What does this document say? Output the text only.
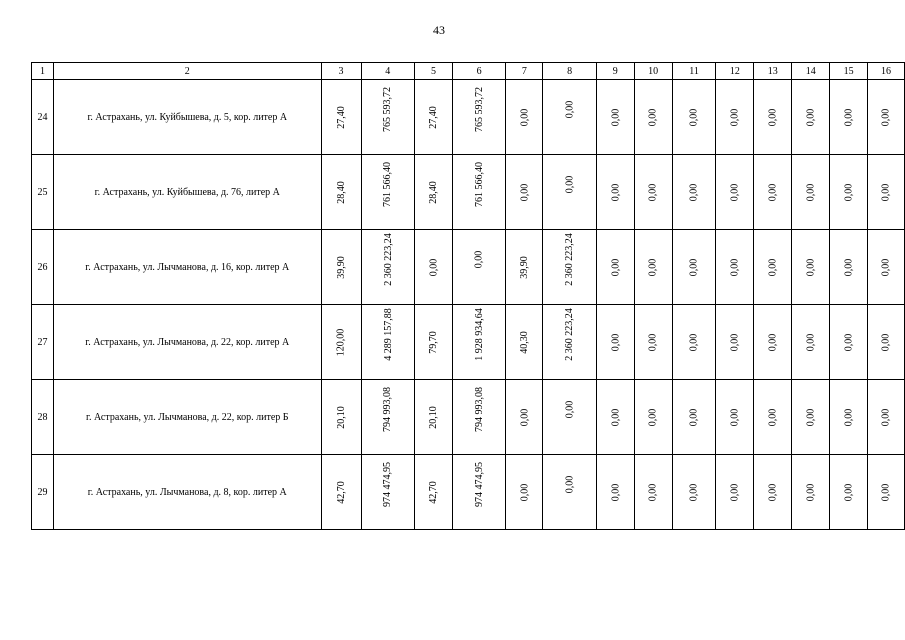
43
1	2	3	4	5	6	7	8	9	10	11	12	13	14	15	16
24	г. Астрахань, ул. Куйбышева, д. 5, кор. литер А	27,40	765 593,72	27,40	765 593,72	0,00	0,00	0,00	0,00	0,00	0,00	0,00	0,00	0,00	0,00
25	г. Астрахань, ул. Куйбышева, д. 76, литер А	28,40	761 566,40	28,40	761 566,40	0,00	0,00	0,00	0,00	0,00	0,00	0,00	0,00	0,00	0,00
26	г. Астрахань, ул. Лычманова, д. 16, кор. литер А	39,90	2 360 223,24	0,00	0,00	39,90	2 360 223,24	0,00	0,00	0,00	0,00	0,00	0,00	0,00	0,00
27	г. Астрахань, ул. Лычманова, д. 22, кор. литер А	120,00	4 289 157,88	79,70	1 928 934,64	40,30	2 360 223,24	0,00	0,00	0,00	0,00	0,00	0,00	0,00	0,00
28	г. Астрахань, ул. Лычманова, д. 22, кор. литер Б	20,10	794 993,08	20,10	794 993,08	0,00	0,00	0,00	0,00	0,00	0,00	0,00	0,00	0,00	0,00
29	г. Астрахань, ул. Лычманова, д. 8, кор. литер А	42,70	974 474,95	42,70	974 474,95	0,00	0,00	0,00	0,00	0,00	0,00	0,00	0,00	0,00	0,00
